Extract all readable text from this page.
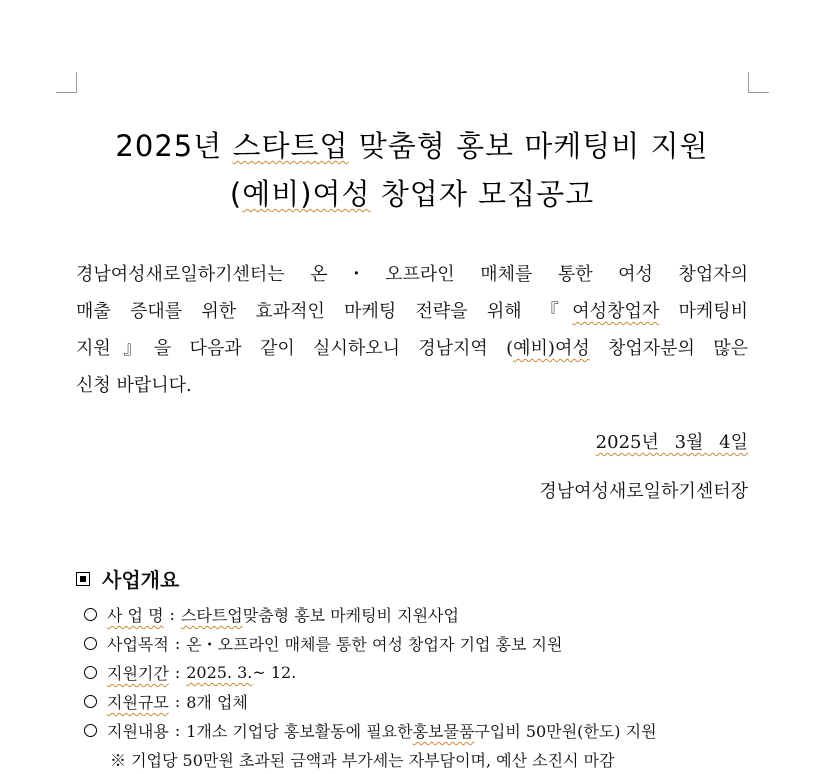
2025년 스타트업 맞춤형 홍보 마케팅비 지원
(예비)여성 창업자 모집공고
경남여성새로일하기센터는 온・오프라인 매체를 통한 여성 창업자의
매출 증대를 위한 효과적인 마케팅 전략을 위해 『여성창업자 마케팅비
지원』을 다음과 같이 실시하오니 경남지역 (예비)여성 창업자분의 많은
신청 바랍니다.
2025년 3월 4일
경남여성새로일하기센터장
사업개요
사 업 명 : 스타트업 맞춤형 홍보 마케팅비 지원사업
사업목적 : 온・오프라인 매체를 통한 여성 창업자 기업 홍보 지원
지원기간 : 2025. 3. ~ 12.
지원규모 : 8개 업체
지원내용 : 1개소 기업당 홍보활동에 필요한 홍보물품 구입비 50만원(한도) 지원
※ 기업당 50만원 초과된 금액과 부가세는 자부담이며, 예산 소진시 마감
